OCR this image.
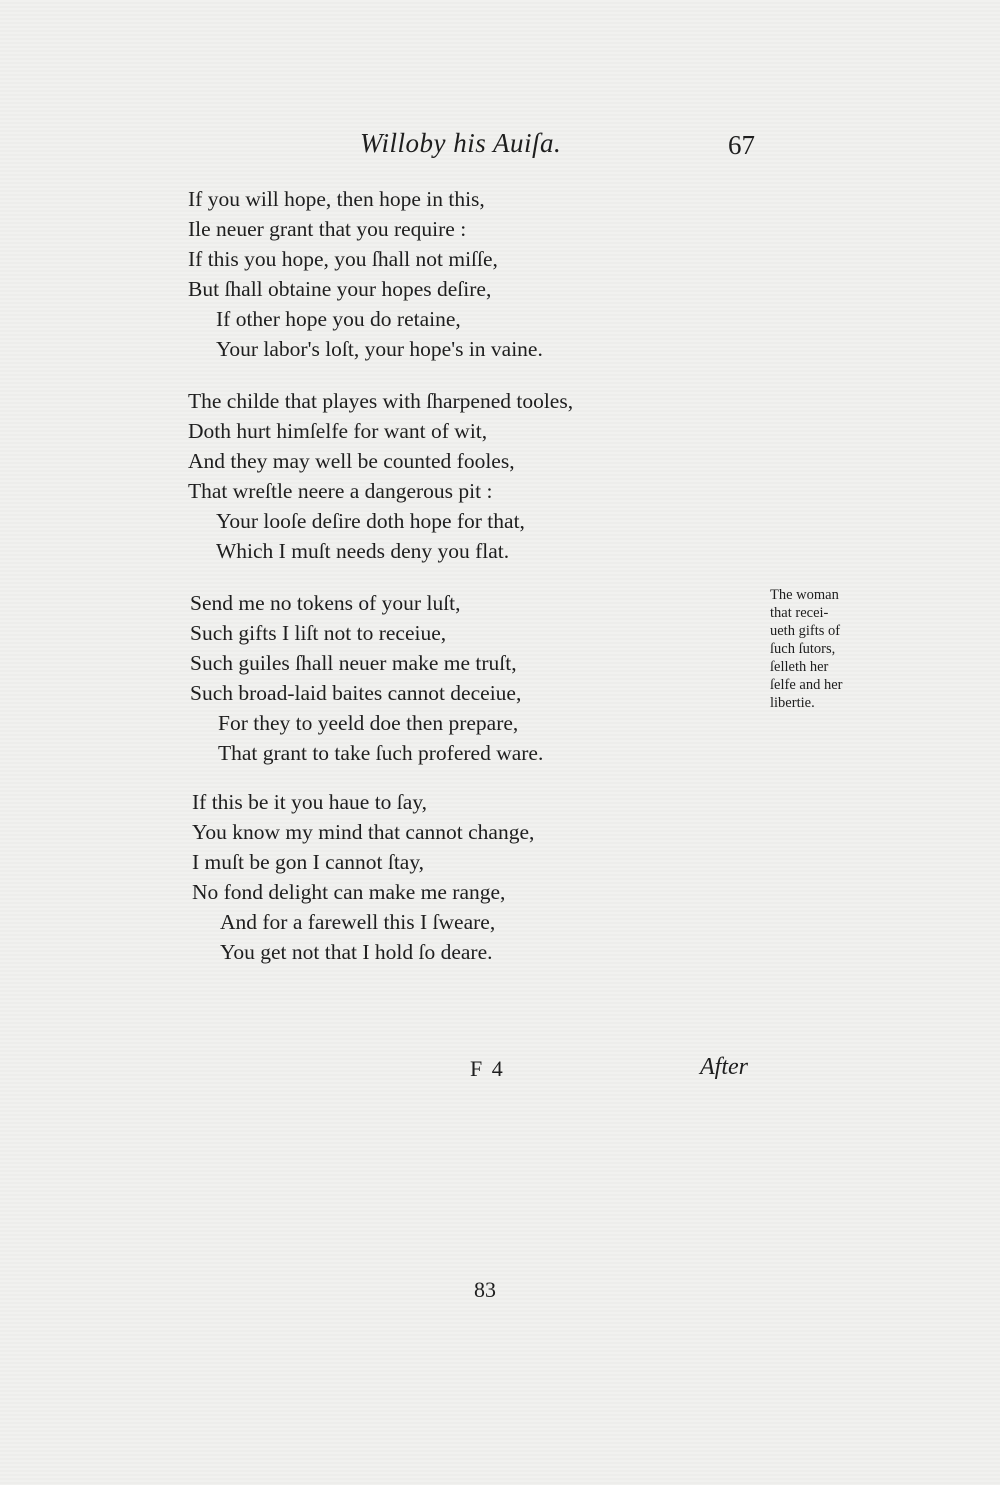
Willoby his Auiſa.	67
If you will hope, then hope in this,
Ile neuer grant that you require :
If this you hope, you ſhall not miſſe,
But ſhall obtaine your hopes deſire,
If other hope you do retaine,
Your labor's loſt, your hope's in vaine.
The childe that playes with ſharpened tooles,
Doth hurt himſelfe for want of wit,
And they may well be counted fooles,
That wreſtle neere a dangerous pit :
Your looſe deſire doth hope for that,
Which I muſt needs deny you flat.
Send me no tokens of your luſt,
Such gifts I liſt not to receiue,
Such guiles ſhall neuer make me truſt,
Such broad-laid baites cannot deceiue,
For they to yeeld doe then prepare,
That grant to take ſuch profered ware.
The woman
that recei-
ueth gifts of
ſuch ſutors,
ſelleth her
ſelfe and her
libertie.
If this be it you haue to ſay,
You know my mind that cannot change,
I muſt be gon I cannot ſtay,
No fond delight can make me range,
And for a farewell this I ſweare,
You get not that I hold ſo deare.
F 4	After
83
